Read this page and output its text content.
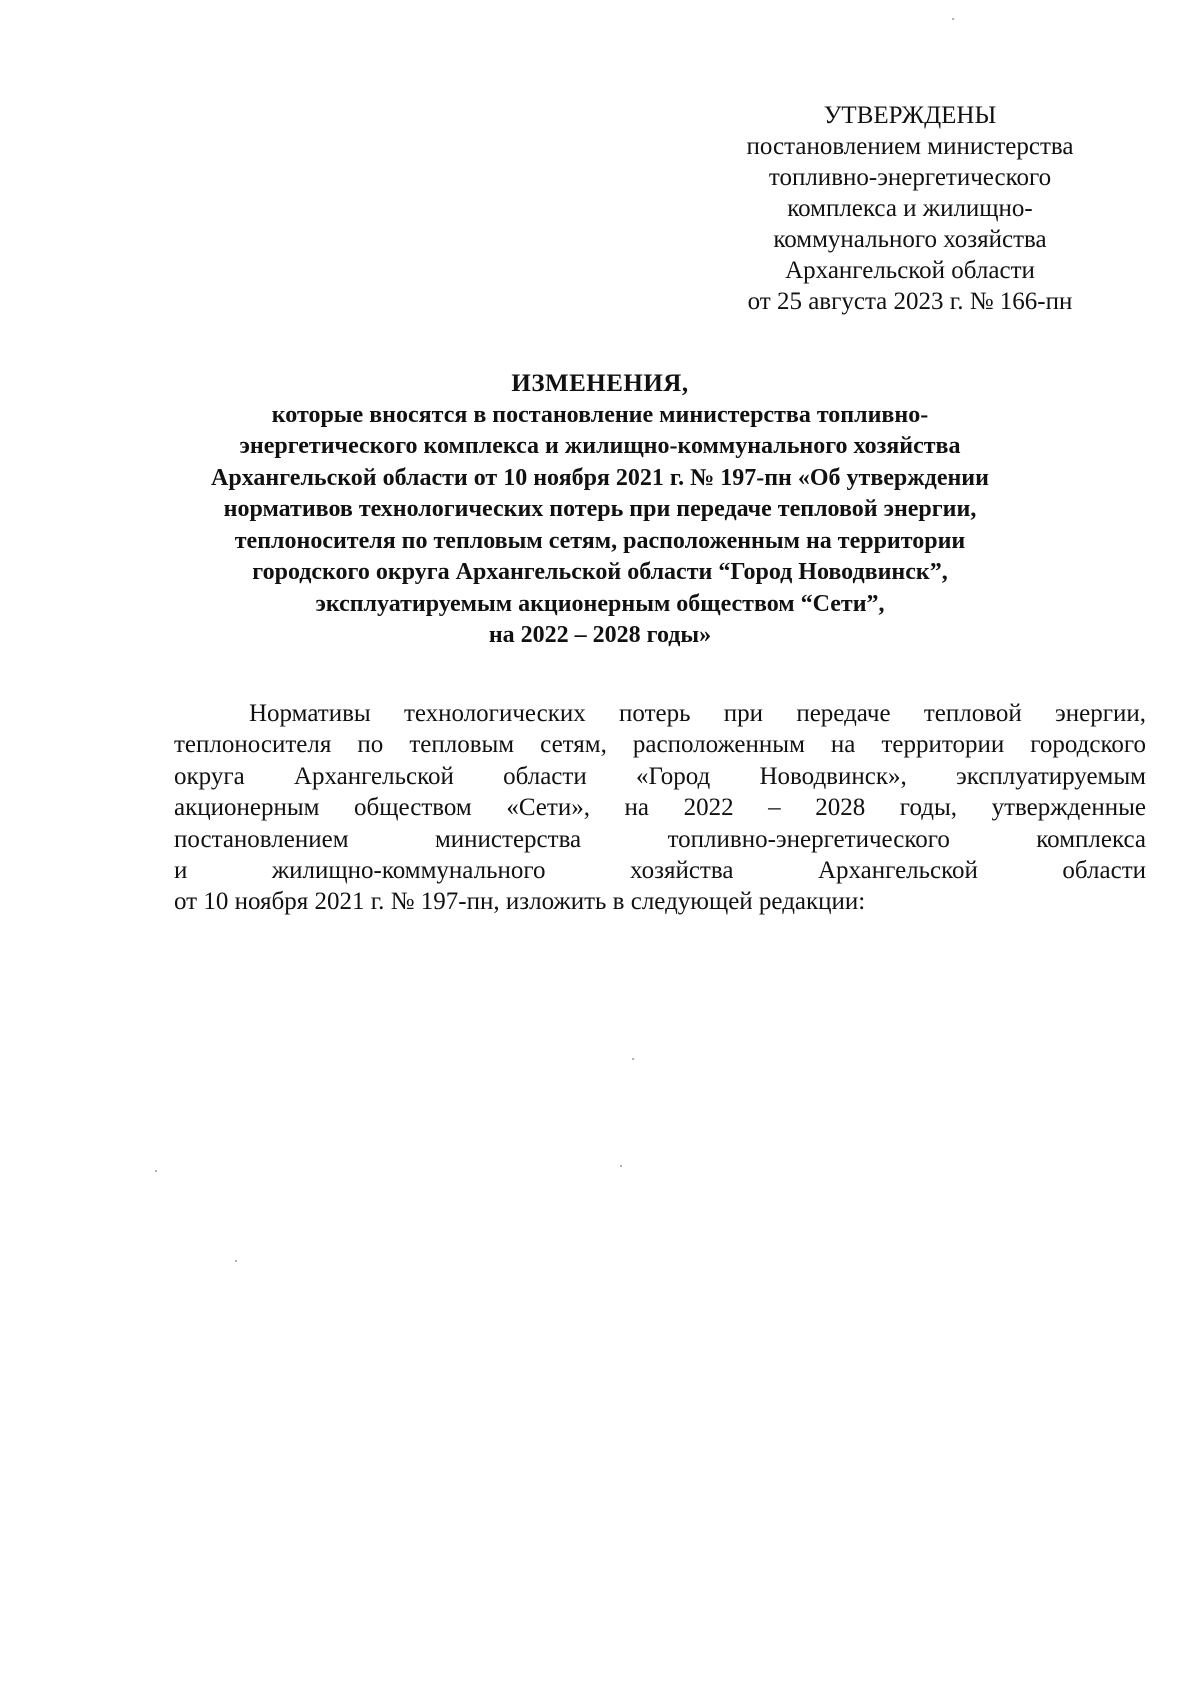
УТВЕРЖДЕНЫ
постановлением министерства
топливно-энергетического
комплекса и жилищно-
коммунального хозяйства
Архангельской области
от 25 августа 2023 г. № 166-пн
ИЗМЕНЕНИЯ,
которые вносятся в постановление министерства топливно-
энергетического комплекса и жилищно-коммунального хозяйства
Архангельской области от 10 ноября 2021 г. № 197-пн «Об утверждении
нормативов технологических потерь при передаче тепловой энергии,
теплоносителя по тепловым сетям, расположенным на территории
городского округа Архангельской области “Город Новодвинск”,
эксплуатируемым акционерным обществом “Сети”,
на 2022 – 2028 годы»
Нормативы технологических потерь при передаче тепловой энергии,
теплоносителя по тепловым сетям, расположенным на территории городского
округа Архангельской области «Город Новодвинск», эксплуатируемым
акционерным обществом «Сети», на 2022 – 2028 годы, утвержденные
постановлением министерства топливно-энергетического комплекса
и жилищно-коммунального хозяйства Архангельской области
от 10 ноября 2021 г. № 197-пн, изложить в следующей редакции:
